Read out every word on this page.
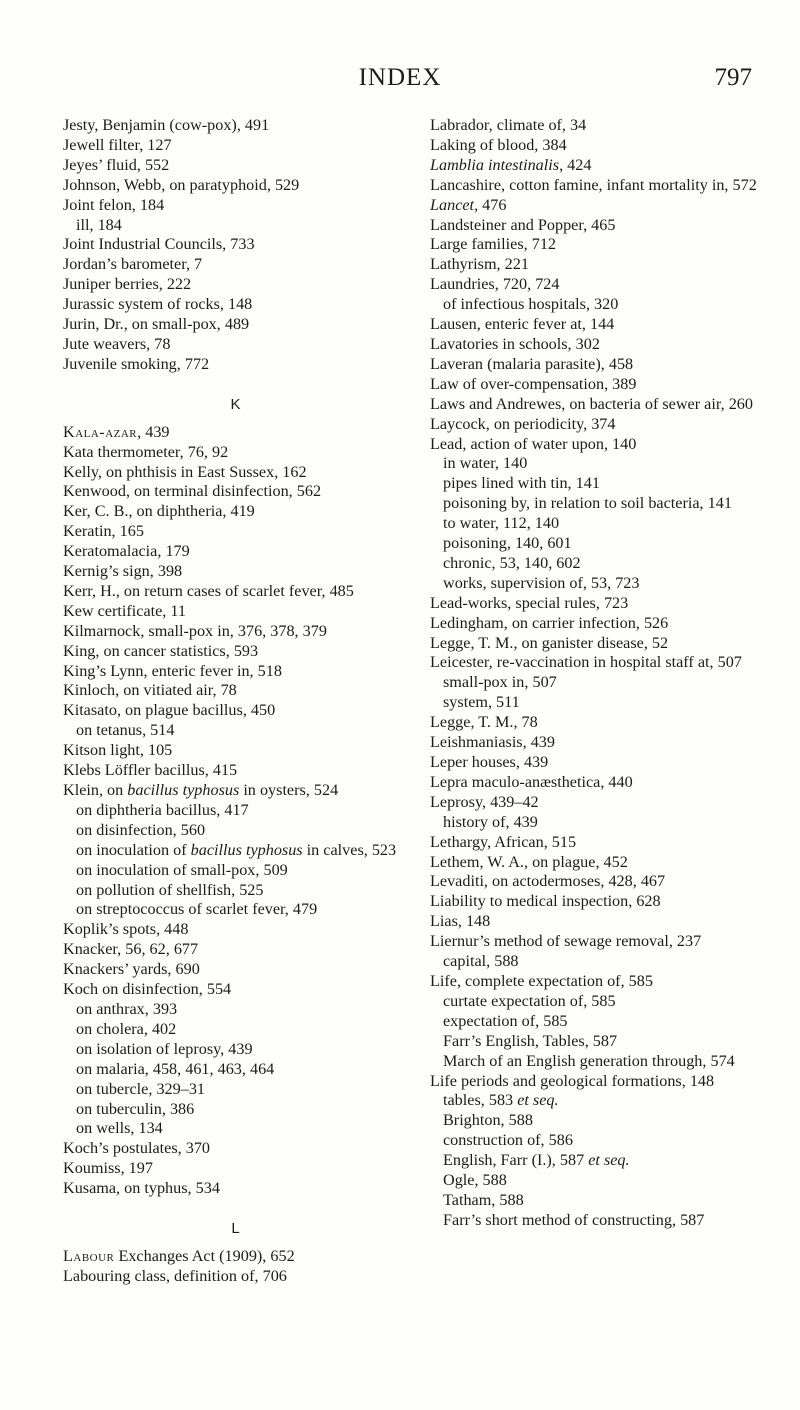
INDEX	797

Jesty, Benjamin (cow-pox), 491

Jewell filter, 127

Jeyes’ fluid, 552

Johnson, Webb, on paratyphoid, 529

Joint felon, 184

ill, 184

Joint Industrial Councils, 733

Jordan’s barometer, 7

Juniper berries, 222

Jurassic system of rocks, 148

Jurin, Dr., on small-pox, 489

Jute weavers, 78

Juvenile smoking, 772

K

Kala-azar, 439

Kata thermometer, 76, 92

Kelly, on phthisis in East Sussex, 162

Kenwood, on terminal disinfection, 562

Ker, C. B., on diphtheria, 419

Keratin, 165

Keratomalacia, 179

Kernig’s sign, 398

Kerr, H., on return cases of scarlet fever, 485

Kew certificate, 11

Kilmarnock, small-pox in, 376, 378, 379

King, on cancer statistics, 593

King’s Lynn, enteric fever in, 518

Kinloch, on vitiated air, 78

Kitasato, on plague bacillus, 450

on tetanus, 514

Kitson light, 105

Klebs Löffler bacillus, 415

Klein, on bacillus typhosus in oysters, 524

on diphtheria bacillus, 417

on disinfection, 560

on inoculation of bacillus typhosus in calves, 523

on inoculation of small-pox, 509

on pollution of shellfish, 525

on streptococcus of scarlet fever, 479

Koplik’s spots, 448

Knacker, 56, 62, 677

Knackers’ yards, 690

Koch on disinfection, 554

on anthrax, 393

on cholera, 402

on isolation of leprosy, 439

on malaria, 458, 461, 463, 464

on tubercle, 329–31

on tuberculin, 386

on wells, 134

Koch’s postulates, 370

Koumiss, 197

Kusama, on typhus, 534

L

Labour Exchanges Act (1909), 652

Labouring class, definition of, 706

Labrador, climate of, 34

Laking of blood, 384

Lamblia intestinalis, 424

Lancashire, cotton famine, infant mortality in, 572

Lancet, 476

Landsteiner and Popper, 465

Large families, 712

Lathyrism, 221

Laundries, 720, 724

of infectious hospitals, 320

Lausen, enteric fever at, 144

Lavatories in schools, 302

Laveran (malaria parasite), 458

Law of over-compensation, 389

Laws and Andrewes, on bacteria of sewer air, 260

Laycock, on periodicity, 374

Lead, action of water upon, 140

in water, 140

pipes lined with tin, 141

poisoning by, in relation to soil bacteria, 141

to water, 112, 140

poisoning, 140, 601

chronic, 53, 140, 602

works, supervision of, 53, 723

Lead-works, special rules, 723

Ledingham, on carrier infection, 526

Legge, T. M., on ganister disease, 52

Leicester, re-vaccination in hospital staff at, 507

small-pox in, 507

system, 511

Legge, T. M., 78

Leishmaniasis, 439

Leper houses, 439

Lepra maculo-anæsthetica, 440

Leprosy, 439–42

history of, 439

Lethargy, African, 515

Lethem, W. A., on plague, 452

Levaditi, on actodermoses, 428, 467

Liability to medical inspection, 628

Lias, 148

Liernur’s method of sewage removal, 237

capital, 588

Life, complete expectation of, 585

curtate expectation of, 585

expectation of, 585

Farr’s English, Tables, 587

March of an English generation through, 574

Life periods and geological formations, 148

tables, 583 et seq.

Brighton, 588

construction of, 586

English, Farr (I.), 587 et seq.

Ogle, 588

Tatham, 588

Farr’s short method of constructing, 587
